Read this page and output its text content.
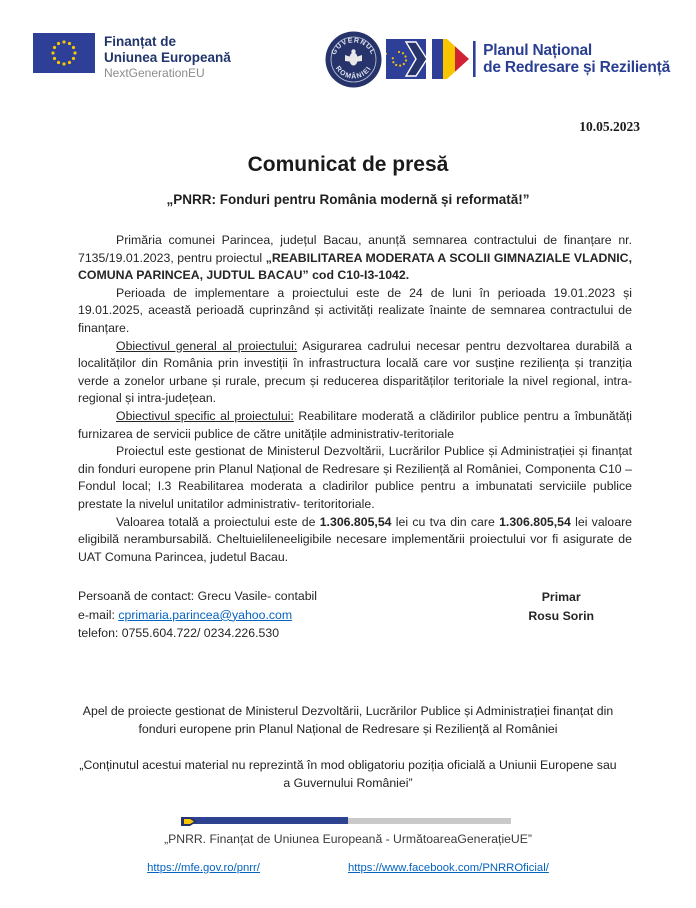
Finanțat de
Uniunea Europeană
NextGenerationEU
GUVERNUL
ROMÂNIEI
Planul Național
de Redresare și Reziliență
10.05.2023
Comunicat de presă
„PNRR: Fonduri pentru România modernă și reformată!”

Primăria comunei Parincea, județul Bacau, anunță semnarea contractului de finanțare nr. 7135/19.01.2023, pentru proiectul „REABILITAREA MODERATA A SCOLII GIMNAZIALE VLADNIC, COMUNA PARINCEA, JUDTUL BACAU” cod C10-I3-1042.

Perioada de implementare a proiectului este de 24 de luni în perioada 19.01.2023 și 19.01.2025, această perioadă cuprinzând și activități realizate înainte de semnarea contractului de finanțare.

Obiectivul general al proiectului: Asigurarea cadrului necesar pentru dezvoltarea durabilă a localităților din România prin investiții în infrastructura locală care vor susține reziliența și tranziția verde a zonelor urbane și rurale, precum și reducerea disparităților teritoriale la nivel regional, intra-regional și intra-județean.

Obiectivul specific al proiectului: Reabilitare moderată a clădirilor publice pentru a îmbunătăți furnizarea de servicii publice de către unitățile administrativ-teritoriale

Proiectul este gestionat de Ministerul Dezvoltării, Lucrărilor Publice și Administrației și finanțat din fonduri europene prin Planul Național de Redresare și Reziliență al României, Componenta C10 – Fondul local; I.3 Reabilitarea moderata a cladirilor publice pentru a imbunatati serviciile publice prestate la nivelul unitatilor administrativ- teritoritoriale.

Valoarea totală a proiectului este de 1.306.805,54 lei cu tva din care 1.306.805,54 lei valoare eligibilă nerambursabilă. Cheltuielileneeligibile necesare implementării proiectului vor fi asigurate de UAT Comuna Parincea, judetul Bacau.

Persoană de contact: Grecu Vasile- contabil
e-mail: cprimaria.parincea@yahoo.com
telefon: 0755.604.722/ 0234.226.530
Primar
Rosu Sorin
Apel de proiecte gestionat de Ministerul Dezvoltării, Lucrărilor Publice și Administrației finanțat din fonduri europene prin Planul Național de Redresare și Reziliență al României
„Conținutul acestui material nu reprezintă în mod obligatoriu poziția oficială a Uniunii Europene sau a Guvernului României”
„PNRR. Finanțat de Uniunea Europeană - UrmătoareaGenerațieUE”
https://mfe.gov.ro/pnrr/	https://www.facebook.com/PNRROficial/
